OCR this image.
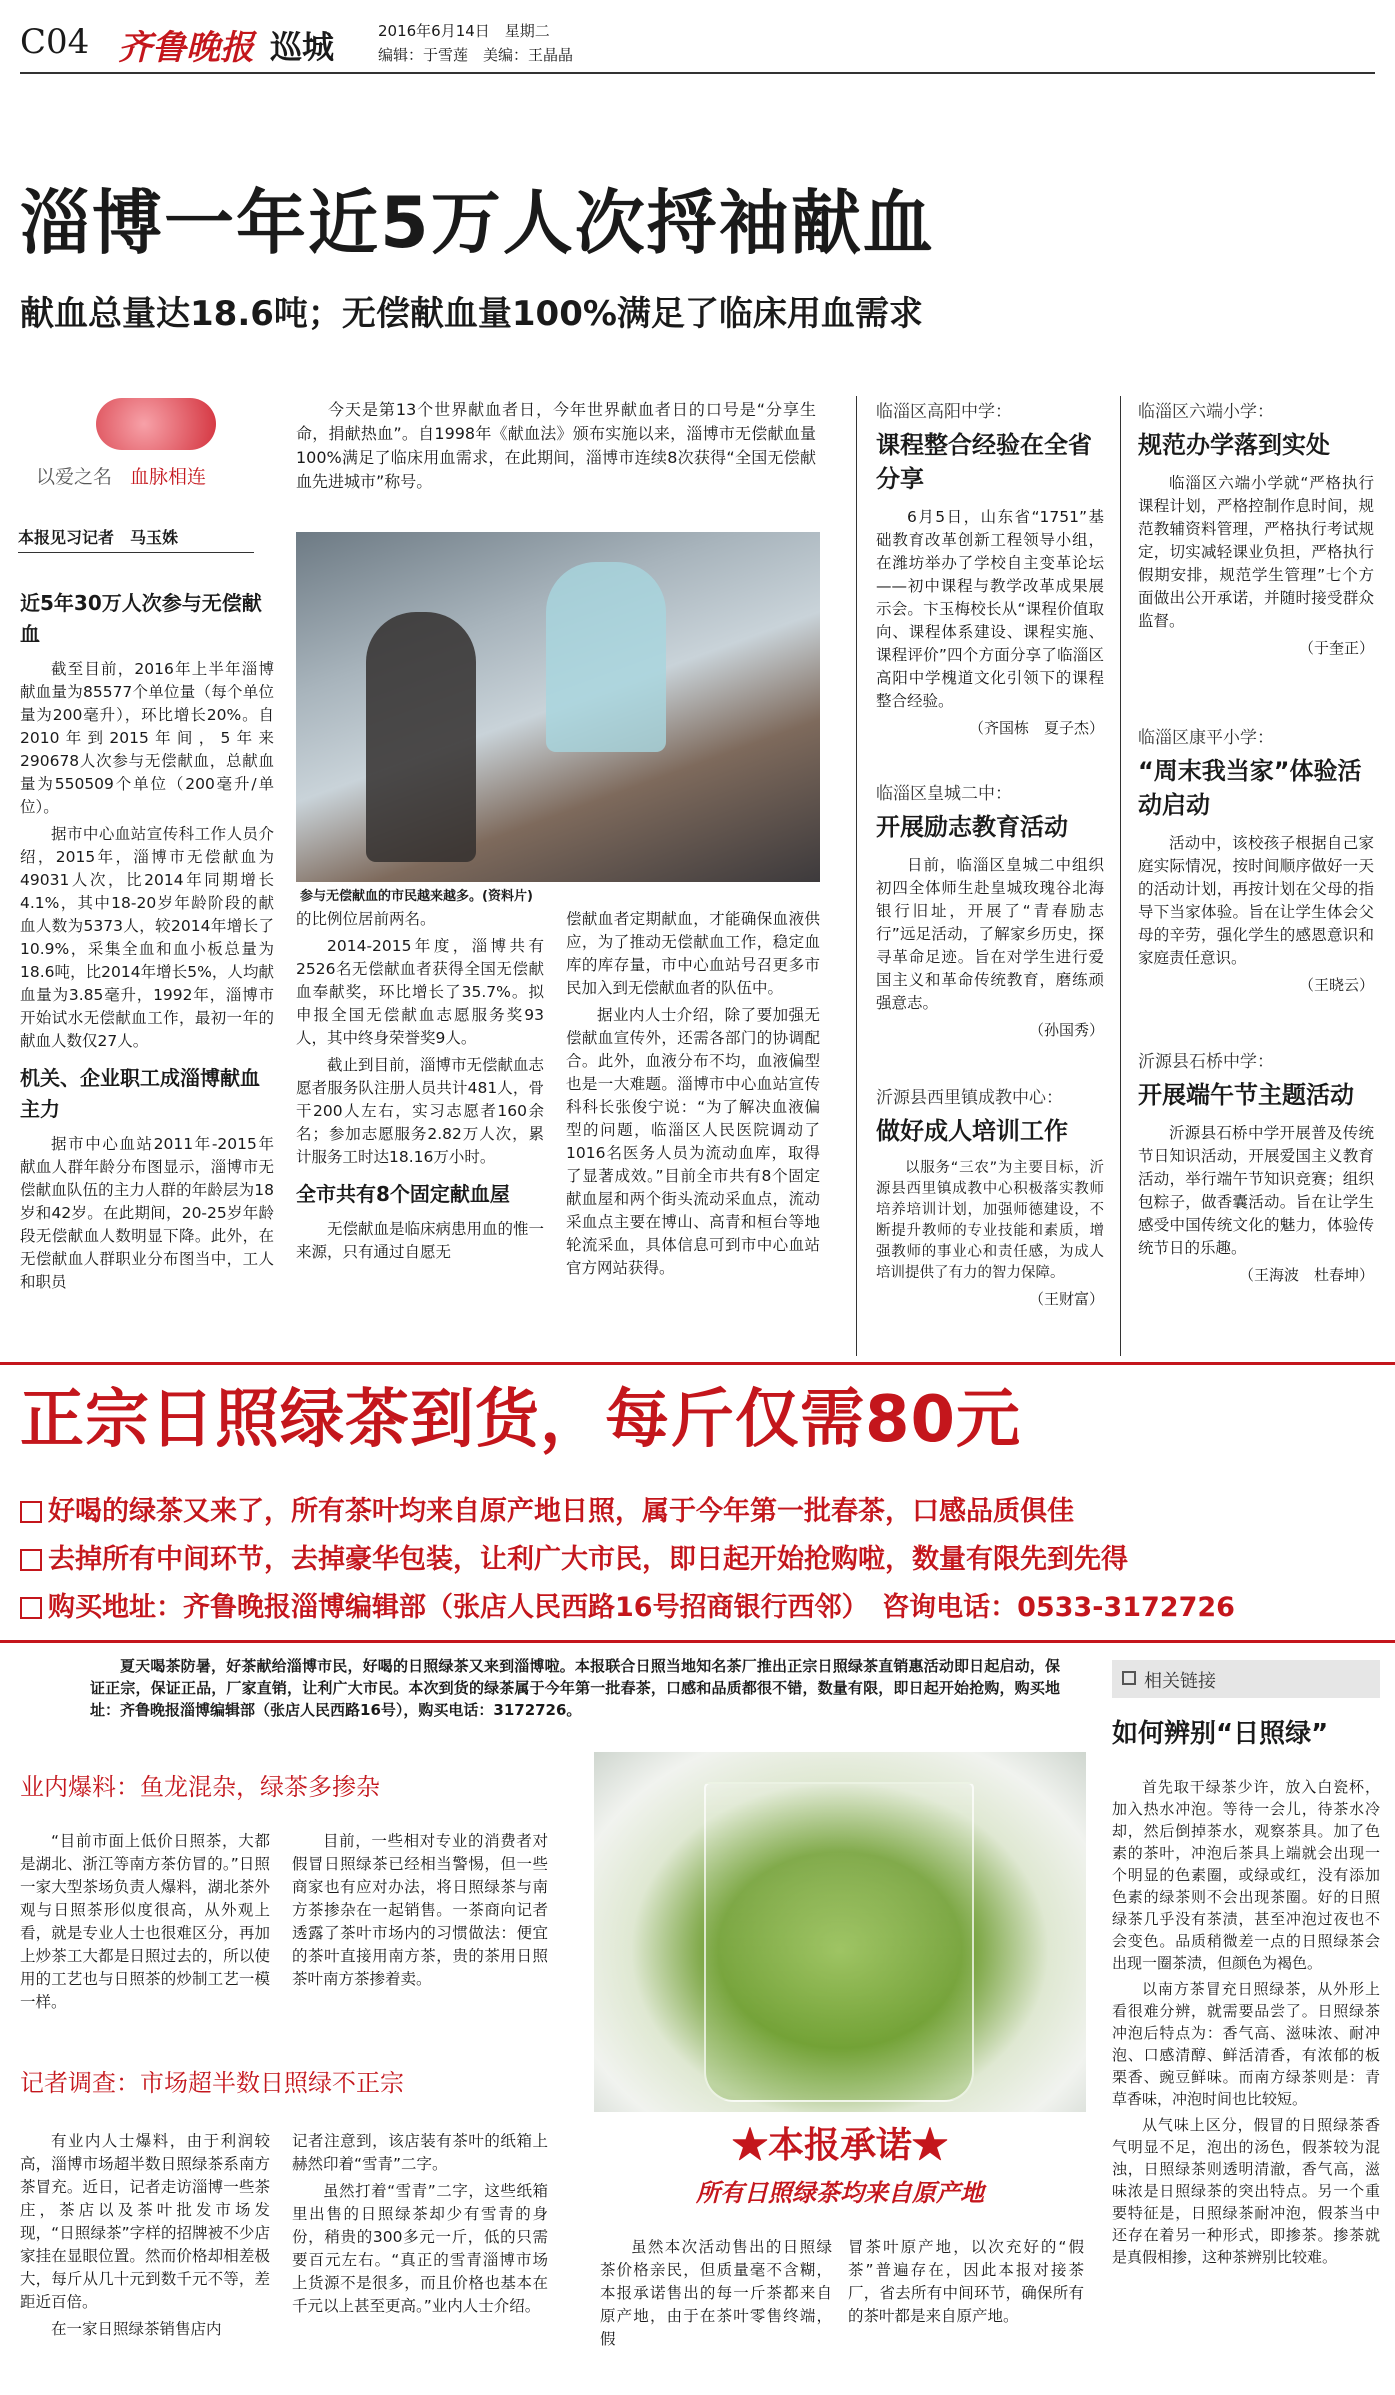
C04 齐鲁晚报 巡城	2016年6月14日　星期二
编辑：于雪莲　美编：王晶晶
淄博一年近5万人次捋袖献血
献血总量达18.6吨；无偿献血量100%满足了临床用血需求
以爱之名 血脉相连
今天是第13个世界献血者日，今年世界献血者日的口号是“分享生命，捐献热血”。自1998年《献血法》颁布实施以来，淄博市无偿献血量100%满足了临床用血需求，在此期间，淄博市连续8次获得“全国无偿献血先进城市”称号。
本报见习记者　马玉姝
参与无偿献血的市民越来越多。(资料片)
近5年30万人次参与无偿献血

截至目前，2016年上半年淄博献血量为85577个单位量（每个单位量为200毫升），环比增长20%。自2010年到2015年间，5年来290678人次参与无偿献血，总献血量为550509个单位（200毫升/单位）。

据市中心血站宣传科工作人员介绍，2015年，淄博市无偿献血为49031人次，比2014年同期增长4.1%，其中18-20岁年龄阶段的献血人数为5373人，较2014年增长了10.9%，采集全血和血小板总量为18.6吨，比2014年增长5%，人均献血量为3.85毫升，1992年，淄博市开始试水无偿献血工作，最初一年的献血人数仅27人。

机关、企业职工成淄博献血主力

据市中心血站2011年-2015年献血人群年龄分布图显示，淄博市无偿献血队伍的主力人群的年龄层为18岁和42岁。在此期间，20-25岁年龄段无偿献血人数明显下降。此外，在无偿献血人群职业分布图当中，工人和职员

的比例位居前两名。

2014-2015年度，淄博共有2526名无偿献血者获得全国无偿献血奉献奖，环比增长了35.7%。拟申报全国无偿献血志愿服务奖93人，其中终身荣誉奖9人。

截止到目前，淄博市无偿献血志愿者服务队注册人员共计481人，骨干200人左右，实习志愿者160余名；参加志愿服务2.82万人次，累计服务工时达18.16万小时。

全市共有8个固定献血屋

无偿献血是临床病患用血的惟一来源，只有通过自愿无

偿献血者定期献血，才能确保血液供应，为了推动无偿献血工作，稳定血库的库存量，市中心血站号召更多市民加入到无偿献血者的队伍中。

据业内人士介绍，除了要加强无偿献血宣传外，还需各部门的协调配合。此外，血液分布不均，血液偏型也是一大难题。淄博市中心血站宣传科科长张俊宁说：“为了解决血液偏型的问题，临淄区人民医院调动了1016名医务人员为流动血库，取得了显著成效。”目前全市共有8个固定献血屋和两个街头流动采血点，流动采血点主要在博山、高青和桓台等地轮流采血，具体信息可到市中心血站官方网站获得。

临淄区高阳中学：
课程整合经验在全省分享

6月5日，山东省“1751”基础教育改革创新工程领导小组，在潍坊举办了学校自主变革论坛——初中课程与教学改革成果展示会。卞玉梅校长从“课程价值取向、课程体系建设、课程实施、课程评价”四个方面分享了临淄区高阳中学槐道文化引领下的课程整合经验。

（齐国栋　夏子杰）
临淄区皇城二中：
开展励志教育活动

日前，临淄区皇城二中组织初四全体师生赴皇城玫瑰谷北海银行旧址，开展了“青春励志行”远足活动，了解家乡历史，探寻革命足迹。旨在对学生进行爱国主义和革命传统教育，磨练顽强意志。

（孙国秀）
沂源县西里镇成教中心：
做好成人培训工作

以服务“三农”为主要目标，沂源县西里镇成教中心积极落实教师培养培训计划，加强师德建设，不断提升教师的专业技能和素质，增强教师的事业心和责任感，为成人培训提供了有力的智力保障。

（王财富）
临淄区六端小学：
规范办学落到实处

临淄区六端小学就“严格执行课程计划，严格控制作息时间，规范教辅资料管理，严格执行考试规定，切实减轻课业负担，严格执行假期安排，规范学生管理”七个方面做出公开承诺，并随时接受群众监督。

（于奎正）
临淄区康平小学：
“周末我当家”体验活动启动

活动中，该校孩子根据自己家庭实际情况，按时间顺序做好一天的活动计划，再按计划在父母的指导下当家体验。旨在让学生体会父母的辛劳，强化学生的感恩意识和家庭责任意识。

（王晓云）
沂源县石桥中学：
开展端午节主题活动

沂源县石桥中学开展普及传统节日知识活动，开展爱国主义教育活动，举行端午节知识竞赛；组织包粽子，做香囊活动。旨在让学生感受中国传统文化的魅力，体验传统节日的乐趣。

（王海波　杜春坤）
正宗日照绿茶到货，每斤仅需80元
好喝的绿茶又来了，所有茶叶均来自原产地日照，属于今年第一批春茶，口感品质俱佳
去掉所有中间环节，去掉豪华包装，让利广大市民，即日起开始抢购啦，数量有限先到先得
购买地址：齐鲁晚报淄博编辑部（张店人民西路16号招商银行西邻）　咨询电话：0533-3172726
夏天喝茶防暑，好茶献给淄博市民，好喝的日照绿茶又来到淄博啦。本报联合日照当地知名茶厂推出正宗日照绿茶直销惠活动即日起启动，保证正宗，保证正品，厂家直销，让利广大市民。本次到货的绿茶属于今年第一批春茶，口感和品质都很不错，数量有限，即日起开始抢购，购买地址：齐鲁晚报淄博编辑部（张店人民西路16号），购买电话：3172726。
业内爆料：鱼龙混杂，绿茶多掺杂

“目前市面上低价日照茶，大都是湖北、浙江等南方茶仿冒的。”日照一家大型茶场负责人爆料，湖北茶外观与日照茶形似度很高，从外观上看，就是专业人士也很难区分，再加上炒茶工大都是日照过去的，所以使用的工艺也与日照茶的炒制工艺一模一样。

目前，一些相对专业的消费者对假冒日照绿茶已经相当警惕，但一些商家也有应对办法，将日照绿茶与南方茶掺杂在一起销售。一茶商向记者透露了茶叶市场内的习惯做法：便宜的茶叶直接用南方茶，贵的茶用日照茶叶南方茶掺着卖。

记者调查：市场超半数日照绿不正宗

有业内人士爆料，由于利润较高，淄博市场超半数日照绿茶系南方茶冒充。近日，记者走访淄博一些茶庄，茶店以及茶叶批发市场发现，“日照绿茶”字样的招牌被不少店家挂在显眼位置。然而价格却相差极大，每斤从几十元到数千元不等，差距近百倍。

在一家日照绿茶销售店内

记者注意到，该店装有茶叶的纸箱上赫然印着“雪青”二字。

虽然打着“雪青”二字，这些纸箱里出售的日照绿茶却少有雪青的身份，稍贵的300多元一斤，低的只需要百元左右。“真正的雪青淄博市场上货源不是很多，而且价格也基本在千元以上甚至更高。”业内人士介绍。

★本报承诺★
所有日照绿茶均来自原产地

虽然本次活动售出的日照绿茶价格亲民，但质量毫不含糊，本报承诺售出的每一斤茶都来自原产地，由于在茶叶零售终端，假

冒茶叶原产地，以次充好的“假茶”普遍存在，因此本报对接茶厂，省去所有中间环节，确保所有的茶叶都是来自原产地。

相关链接
如何辨别“日照绿”

首先取干绿茶少许，放入白瓷杯，加入热水冲泡。等待一会儿，待茶水冷却，然后倒掉茶水，观察茶具。加了色素的茶叶，冲泡后茶具上端就会出现一个明显的色素圈，或绿或红，没有添加色素的绿茶则不会出现茶圈。好的日照绿茶几乎没有茶渍，甚至冲泡过夜也不会变色。品质稍微差一点的日照绿茶会出现一圈茶渍，但颜色为褐色。

以南方茶冒充日照绿茶，从外形上看很难分辨，就需要品尝了。日照绿茶冲泡后特点为：香气高、滋味浓、耐冲泡、口感清醇、鲜活清香，有浓郁的板栗香、豌豆鲜味。而南方绿茶则是：青草香味，冲泡时间也比较短。

从气味上区分，假冒的日照绿茶香气明显不足，泡出的汤色，假茶较为混浊，日照绿茶则透明清澈，香气高，滋味浓是日照绿茶的突出特点。另一个重要特征是，日照绿茶耐冲泡，假茶当中还存在着另一种形式，即掺茶。掺茶就是真假相掺，这种茶辨别比较难。
